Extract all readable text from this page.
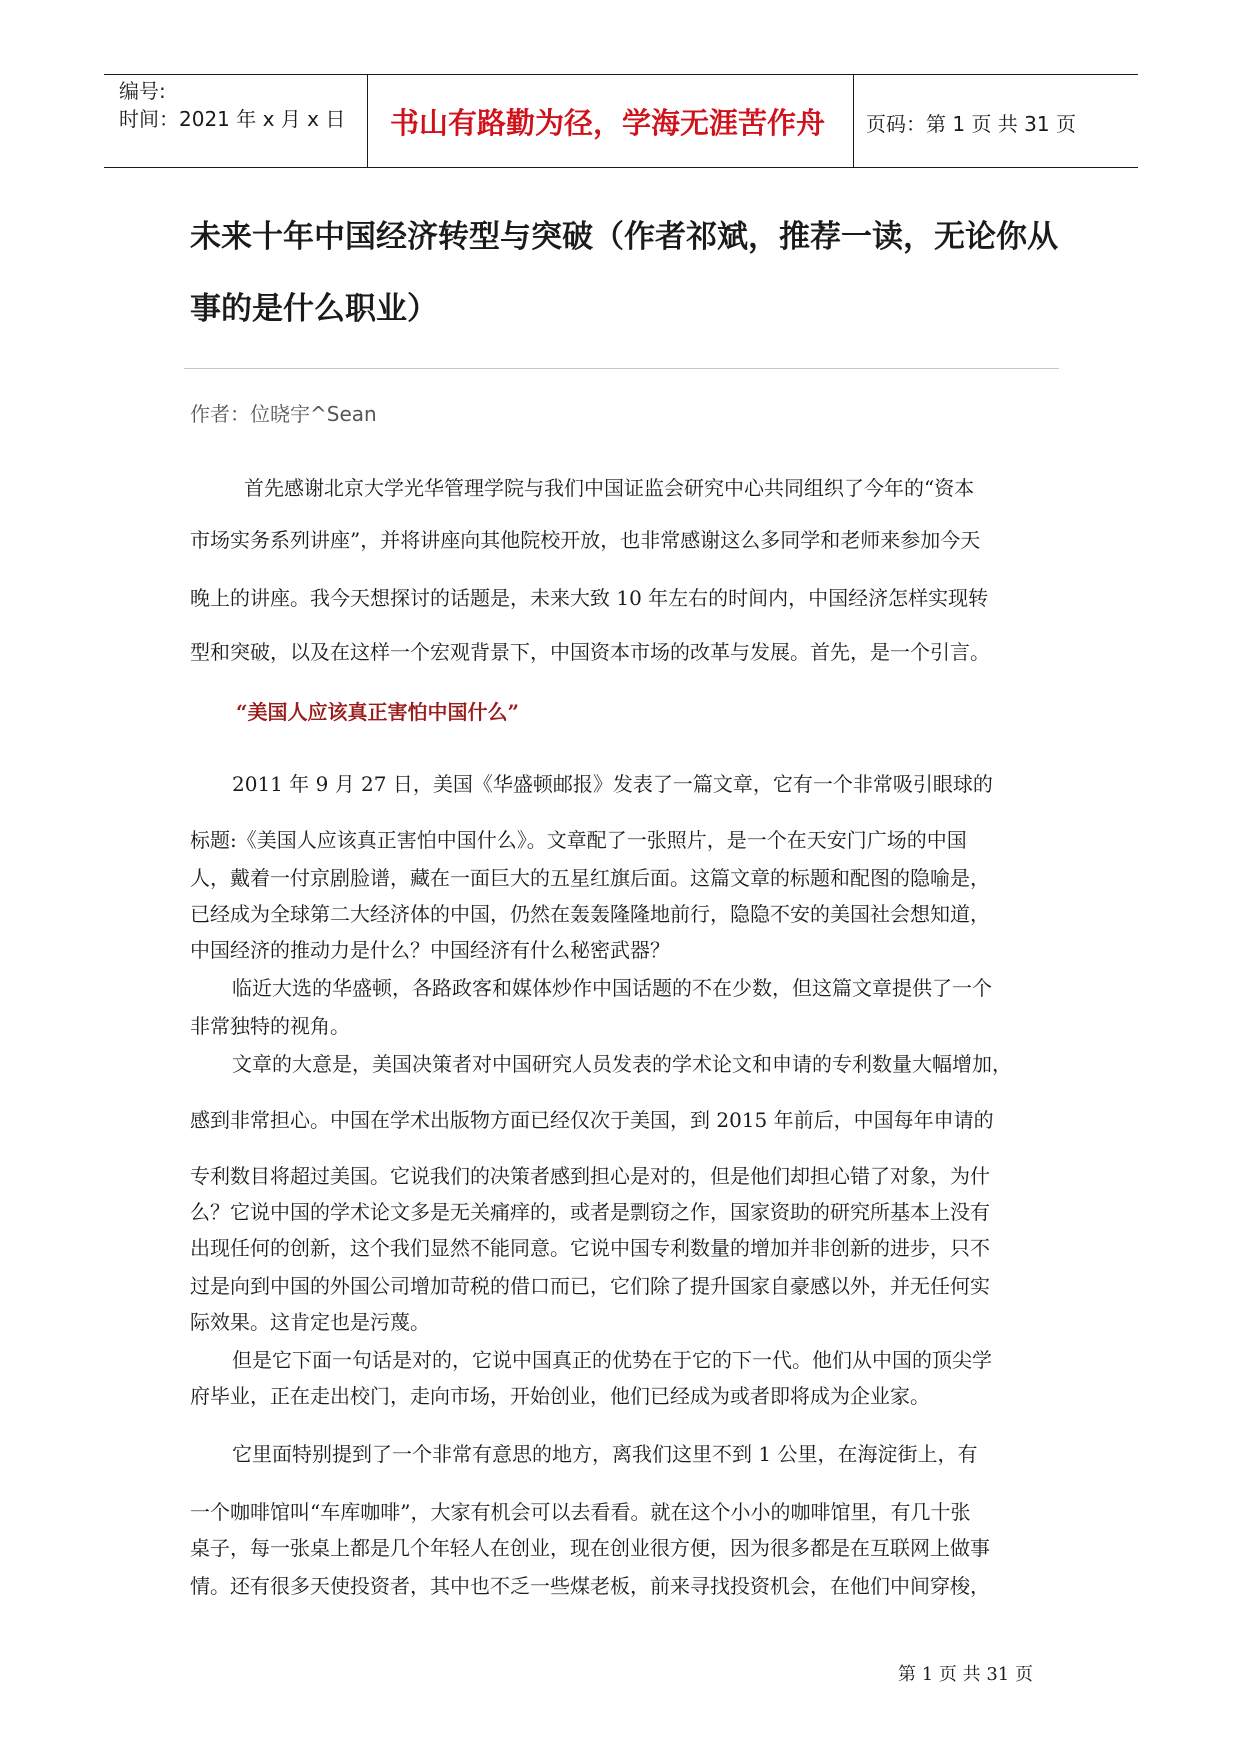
编号:
时间：2021 年 x 月 x 日 书山有路勤为径，学海无涯苦作舟 页码：第 1 页 共 31 页
未来十年中国经济转型与突破（作者祁斌，推荐一读，无论你从
事的是什么职业）
作者：位晓宇^Sean
首先感谢北京大学光华管理学院与我们中国证监会研究中心共同组织了今年的“资本
市场实务系列讲座”，并将讲座向其他院校开放，也非常感谢这么多同学和老师来参加今天
晚上的讲座。我今天想探讨的话题是，未来大致 10 年左右的时间内，中国经济怎样实现转
型和突破，以及在这样一个宏观背景下，中国资本市场的改革与发展。首先，是一个引言。
“美国人应该真正害怕中国什么”
2011 年 9 月 27 日，美国《华盛顿邮报》发表了一篇文章，它有一个非常吸引眼球的
标题:《美国人应该真正害怕中国什么》。文章配了一张照片，是一个在天安门广场的中国
人，戴着一付京剧脸谱，藏在一面巨大的五星红旗后面。这篇文章的标题和配图的隐喻是，
已经成为全球第二大经济体的中国，仍然在轰轰隆隆地前行，隐隐不安的美国社会想知道，
中国经济的推动力是什么？中国经济有什么秘密武器？
临近大选的华盛顿，各路政客和媒体炒作中国话题的不在少数，但这篇文章提供了一个
非常独特的视角。
文章的大意是，美国决策者对中国研究人员发表的学术论文和申请的专利数量大幅增加，
感到非常担心。中国在学术出版物方面已经仅次于美国，到 2015 年前后，中国每年申请的
专利数目将超过美国。它说我们的决策者感到担心是对的，但是他们却担心错了对象，为什
么？它说中国的学术论文多是无关痛痒的，或者是剽窃之作，国家资助的研究所基本上没有
出现任何的创新，这个我们显然不能同意。它说中国专利数量的增加并非创新的进步，只不
过是向到中国的外国公司增加苛税的借口而已，它们除了提升国家自豪感以外，并无任何实
际效果。这肯定也是污蔑。
但是它下面一句话是对的，它说中国真正的优势在于它的下一代。他们从中国的顶尖学
府毕业，正在走出校门，走向市场，开始创业，他们已经成为或者即将成为企业家。
它里面特别提到了一个非常有意思的地方，离我们这里不到 1 公里，在海淀街上，有
一个咖啡馆叫“车库咖啡”，大家有机会可以去看看。就在这个小小的咖啡馆里，有几十张
桌子，每一张桌上都是几个年轻人在创业，现在创业很方便，因为很多都是在互联网上做事
情。还有很多天使投资者，其中也不乏一些煤老板，前来寻找投资机会，在他们中间穿梭，
第 1 页 共 31 页
